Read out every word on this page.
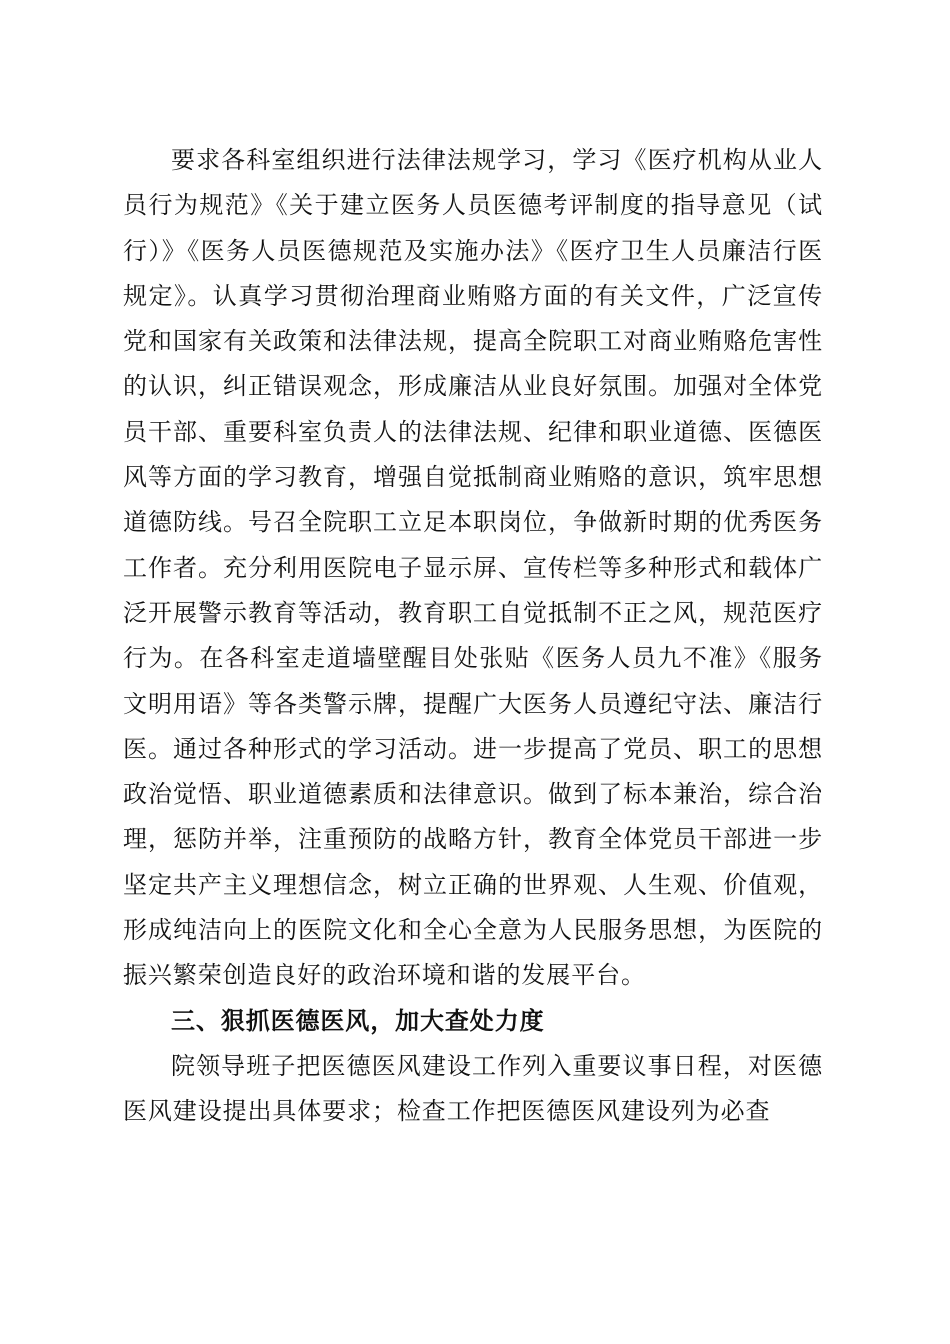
要求各科室组织进行法律法规学习，学习《医疗机构从业人员行为规范》《关于建立医务人员医德考评制度的指导意见（试行）》《医务人员医德规范及实施办法》《医疗卫生人员廉洁行医规定》。认真学习贯彻治理商业贿赂方面的有关文件，广泛宣传党和国家有关政策和法律法规，提高全院职工对商业贿赂危害性的认识，纠正错误观念，形成廉洁从业良好氛围。加强对全体党员干部、重要科室负责人的法律法规、纪律和职业道德、医德医风等方面的学习教育，增强自觉抵制商业贿赂的意识，筑牢思想道德防线。号召全院职工立足本职岗位，争做新时期的优秀医务工作者。充分利用医院电子显示屏、宣传栏等多种形式和载体广泛开展警示教育等活动，教育职工自觉抵制不正之风，规范医疗行为。在各科室走道墙壁醒目处张贴《医务人员九不准》《服务文明用语》等各类警示牌，提醒广大医务人员遵纪守法、廉洁行医。通过各种形式的学习活动。进一步提高了党员、职工的思想政治觉悟、职业道德素质和法律意识。做到了标本兼治，综合治理，惩防并举，注重预防的战略方针，教育全体党员干部进一步坚定共产主义理想信念，树立正确的世界观、人生观、价值观，形成纯洁向上的医院文化和全心全意为人民服务思想，为医院的振兴繁荣创造良好的政治环境和谐的发展平台。

三、狠抓医德医风，加大查处力度

院领导班子把医德医风建设工作列入重要议事日程，对医德医风建设提出具体要求；检查工作把医德医风建设列为必查
